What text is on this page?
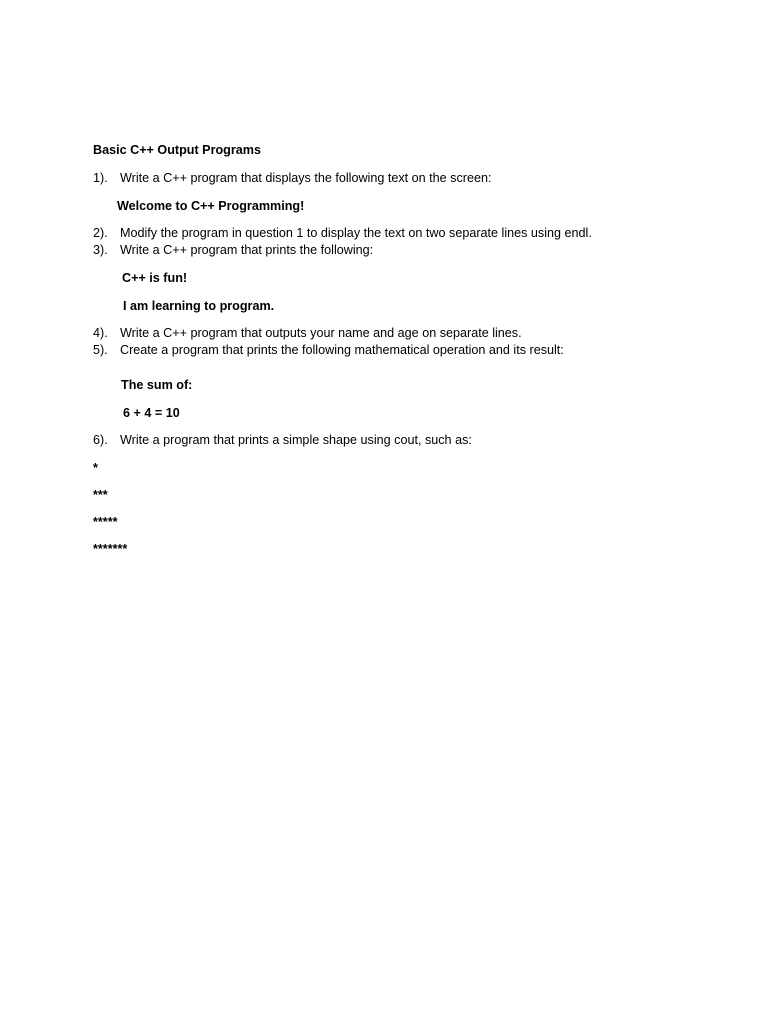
Basic C++ Output Programs
1). Write a C++ program that displays the following text on the screen:
Welcome to C++ Programming!
2). Modify the program in question 1 to display the text on two separate lines using endl.
3). Write a C++ program that prints the following:
C++ is fun!
I am learning to program.
4). Write a C++ program that outputs your name and age on separate lines.
5). Create a program that prints the following mathematical operation and its result:
The sum of:
6 + 4 = 10
6). Write a program that prints a simple shape using cout, such as:
*
***
*****
*******
